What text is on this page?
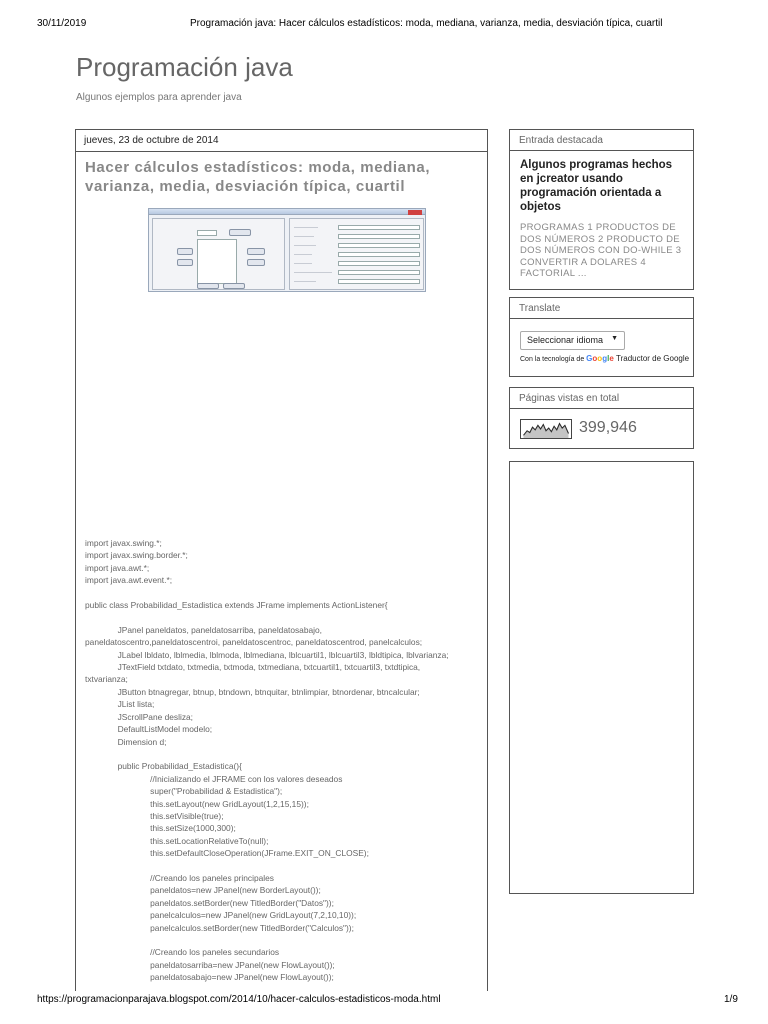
30/11/2019	Programación java: Hacer cálculos estadísticos: moda, mediana, varianza, media, desviación típica, cuartil
Programación java
Algunos ejemplos para aprender java
jueves, 23 de octubre de 2014
Hacer cálculos estadísticos: moda, mediana, varianza, media, desviación típica, cuartil
import javax.swing.*;
import javax.swing.border.*;
import java.awt.*;
import java.awt.event.*;

public class Probabilidad_Estadistica extends JFrame implements ActionListener{

JPanel paneldatos, paneldatosarriba, paneldatosabajo,
paneldatoscentro,paneldatoscentroi, paneldatoscentroc, paneldatoscentrod, panelcalculos;
JLabel lbldato, lblmedia, lblmoda, lblmediana, lblcuartil1, lblcuartil3, lbldtipica, lblvarianza;
JTextField txtdato, txtmedia, txtmoda, txtmediana, txtcuartil1, txtcuartil3, txtdtipica,
txtvarianza;
JButton btnagregar, btnup, btndown, btnquitar, btnlimpiar, btnordenar, btncalcular;
JList lista;
JScrollPane desliza;
DefaultListModel modelo;
Dimension d;

public Probabilidad_Estadistica(){
//Inicializando el JFRAME con los valores deseados
super("Probabilidad & Estadistica");
this.setLayout(new GridLayout(1,2,15,15));
this.setVisible(true);
this.setSize(1000,300);
this.setLocationRelativeTo(null);
this.setDefaultCloseOperation(JFrame.EXIT_ON_CLOSE);

//Creando los paneles principales
paneldatos=new JPanel(new BorderLayout());
paneldatos.setBorder(new TitledBorder("Datos"));
panelcalculos=new JPanel(new GridLayout(7,2,10,10));
panelcalculos.setBorder(new TitledBorder("Calculos"));

//Creando los paneles secundarios
paneldatosarriba=new JPanel(new FlowLayout());
paneldatosabajo=new JPanel(new FlowLayout());
Entrada destacada
Algunos programas hechos en jcreator usando programación orientada a objetos
PROGRAMAS 1 PRODUCTOS DE DOS NÚMEROS 2 PRODUCTO DE DOS NÚMEROS CON DO-WHILE 3 CONVERTIR A DOLARES 4 FACTORIAL ...
Translate
Seleccionar idioma ▼
Con la tecnología de Google Traductor de Google
Páginas vistas en total
399,946
https://programacionparajava.blogspot.com/2014/10/hacer-calculos-estadisticos-moda.html	1/9
